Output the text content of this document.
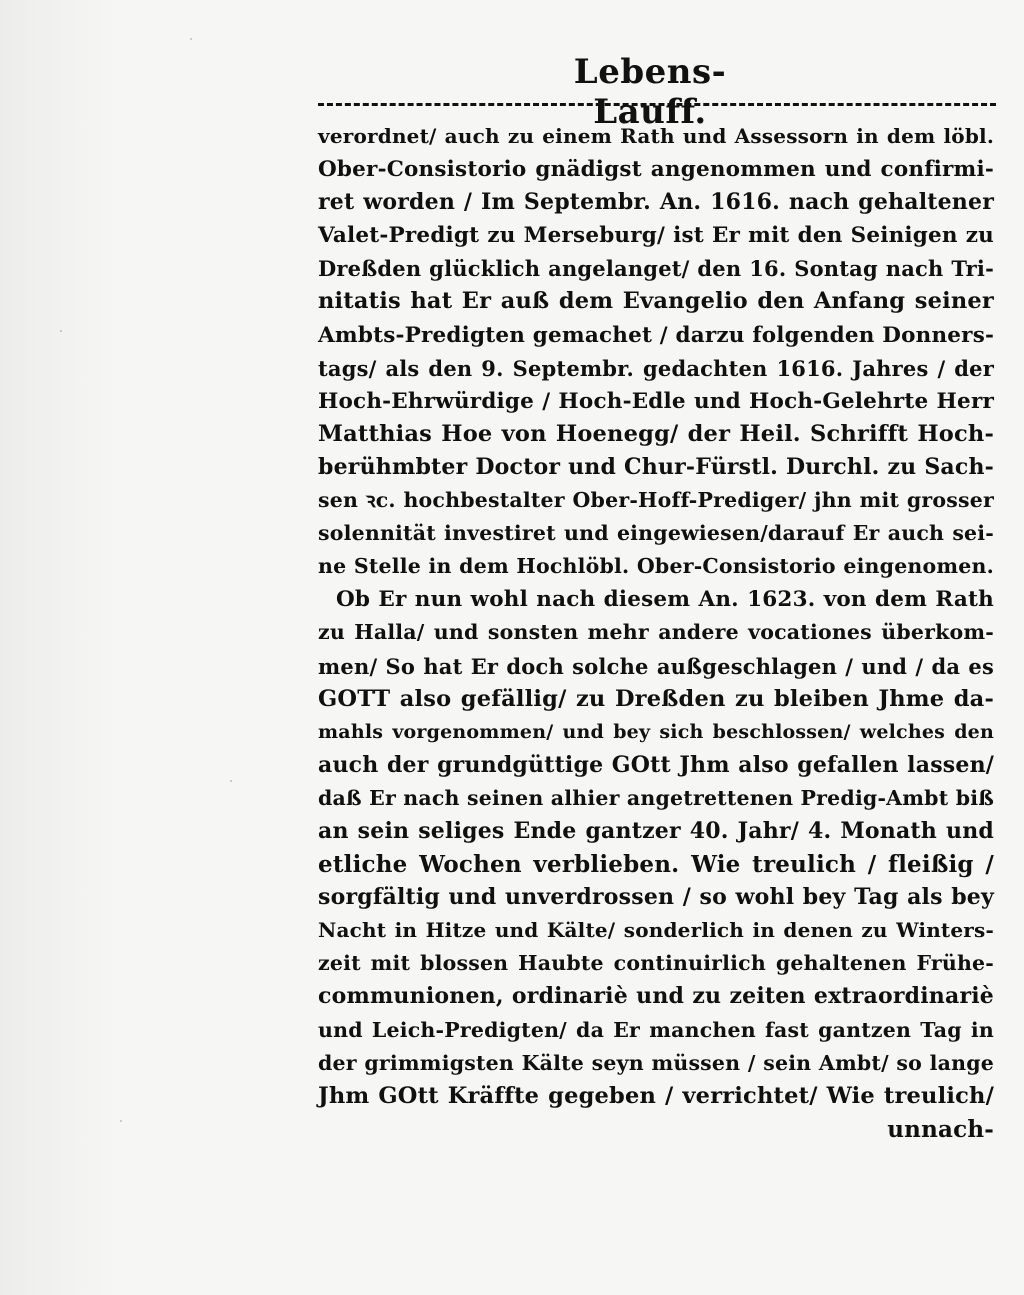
Lebens-Lauff.
verordnet/ auch zu einem Rath und Assessorn in dem löbl.
Ober-Consistorio gnädigst angenommen und confirmi-
ret worden / Im Septembr. An. 1616. nach gehaltener
Valet-Predigt zu Merseburg/ ist Er mit den Seinigen zu
Dreßden glücklich angelanget/ den 16. Sontag nach Tri-
nitatis hat Er auß dem Evangelio den Anfang seiner
Ambts-Predigten gemachet / darzu folgenden Donners-
tags/ als den 9. Septembr. gedachten 1616. Jahres / der
Hoch-Ehrwürdige / Hoch-Edle und Hoch-Gelehrte Herr
Matthias Hoe von Hoenegg/ der Heil. Schrifft Hoch-
berühmbter Doctor und Chur-Fürstl. Durchl. zu Sach-
sen ꝛc. hochbestalter Ober-Hoff-Prediger/ jhn mit grosser
solennität investiret und eingewiesen/darauf Er auch sei-
ne Stelle in dem Hochlöbl. Ober-Consistorio eingenomen.
Ob Er nun wohl nach diesem An. 1623. von dem Rath
zu Halla/ und sonsten mehr andere vocationes überkom-
men/ So hat Er doch solche außgeschlagen / und / da es
GOTT also gefällig/ zu Dreßden zu bleiben Jhme da-
mahls vorgenommen/ und bey sich beschlossen/ welches den
auch der grundgüttige GOtt Jhm also gefallen lassen/
daß Er nach seinen alhier angetrettenen Predig-Ambt biß
an sein seliges Ende gantzer 40. Jahr/ 4. Monath und
etliche Wochen verblieben. Wie treulich / fleißig /
sorgfältig und unverdrossen / so wohl bey Tag als bey
Nacht in Hitze und Kälte/ sonderlich in denen zu Winters-
zeit mit blossen Haubte continuirlich gehaltenen Frühe-
communionen, ordinariè und zu zeiten extraordinariè
und Leich-Predigten/ da Er manchen fast gantzen Tag in
der grimmigsten Kälte seyn müssen / sein Ambt/ so lange
Jhm GOtt Kräffte gegeben / verrichtet/ Wie treulich/
unnach-
